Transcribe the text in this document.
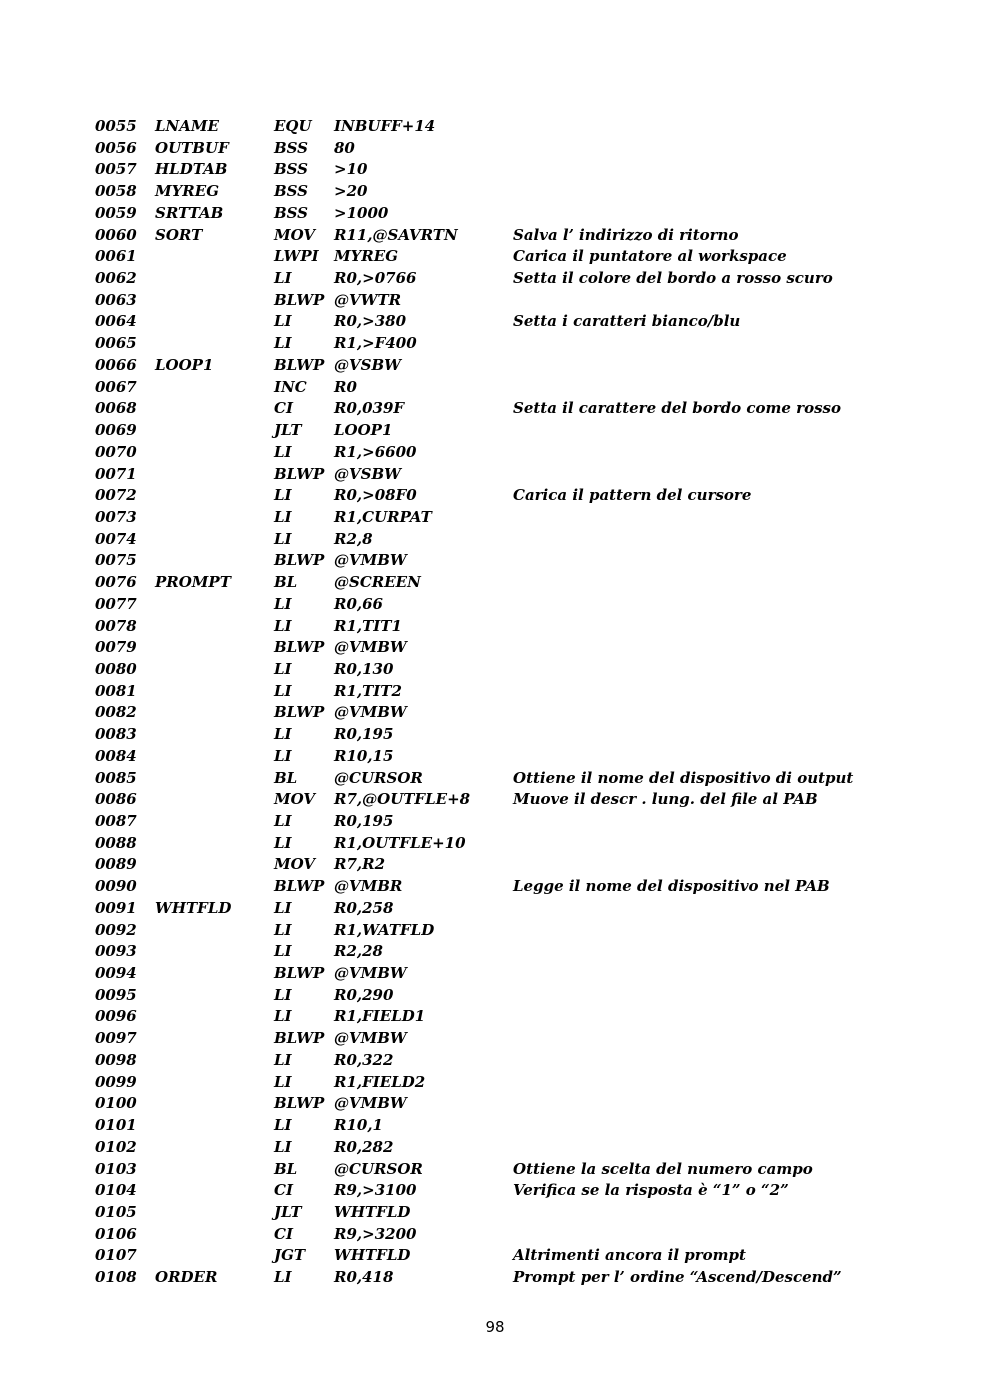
0055 LNAME	EQU INBUFF+14
0056 OUTBUF	BSS 80
0057 HLDTAB	BSS >10
0058 MYREG	BSS >20
0059 SRTTAB	BSS >1000
0060 SORT	MOV R11,@SAVRTN	Salva l’ indirizzo di ritorno
0061	LWPI MYREG	Carica il puntatore al workspace
0062	LI	R0,>0766	Setta il colore del bordo a rosso scuro
0063	BLWP @VWTR
0064	LI	R0,>380	Setta i caratteri bianco/blu
0065	LI	R1,>F400
0066 LOOP1	BLWP @VSBW
0067	INC R0
0068	CI	R0,039F	Setta il carattere del bordo come rosso
0069	JLT LOOP1
0070	LI	R1,>6600
0071	BLWP @VSBW
0072	LI	R0,>08F0	Carica il pattern del cursore
0073	LI	R1,CURPAT
0074	LI	R2,8
0075	BLWP @VMBW
0076 PROMPT	BL @SCREEN
0077	LI	R0,66
0078	LI	R1,TIT1
0079	BLWP @VMBW
0080	LI	R0,130
0081	LI	R1,TIT2
0082	BLWP @VMBW
0083	LI	R0,195
0084	LI	R10,15
0085	BL @CURSOR	Ottiene il nome del dispositivo di output
0086	MOV R7,@OUTFLE+8	Muove il descr . lung. del file al PAB
0087	LI	R0,195
0088	LI	R1,OUTFLE+10
0089	MOV R7,R2
0090	BLWP @VMBR	Legge il nome del dispositivo nel PAB
0091 WHTFLD	LI	R0,258
0092	LI	R1,WATFLD
0093	LI	R2,28
0094	BLWP @VMBW
0095	LI	R0,290
0096	LI	R1,FIELD1
0097	BLWP @VMBW
0098	LI	R0,322
0099	LI	R1,FIELD2
0100	BLWP @VMBW
0101	LI	R10,1
0102	LI	R0,282
0103	BL @CURSOR	Ottiene la scelta del numero campo
0104	CI	R9,>3100	Verifica se la risposta è “1” o “2”
0105	JLT WHTFLD
0106	CI	R9,>3200
0107	JGT WHTFLD	Altrimenti ancora il prompt
0108 ORDER	LI	R0,418	Prompt per l’ ordine “Ascend/Descend”
98
